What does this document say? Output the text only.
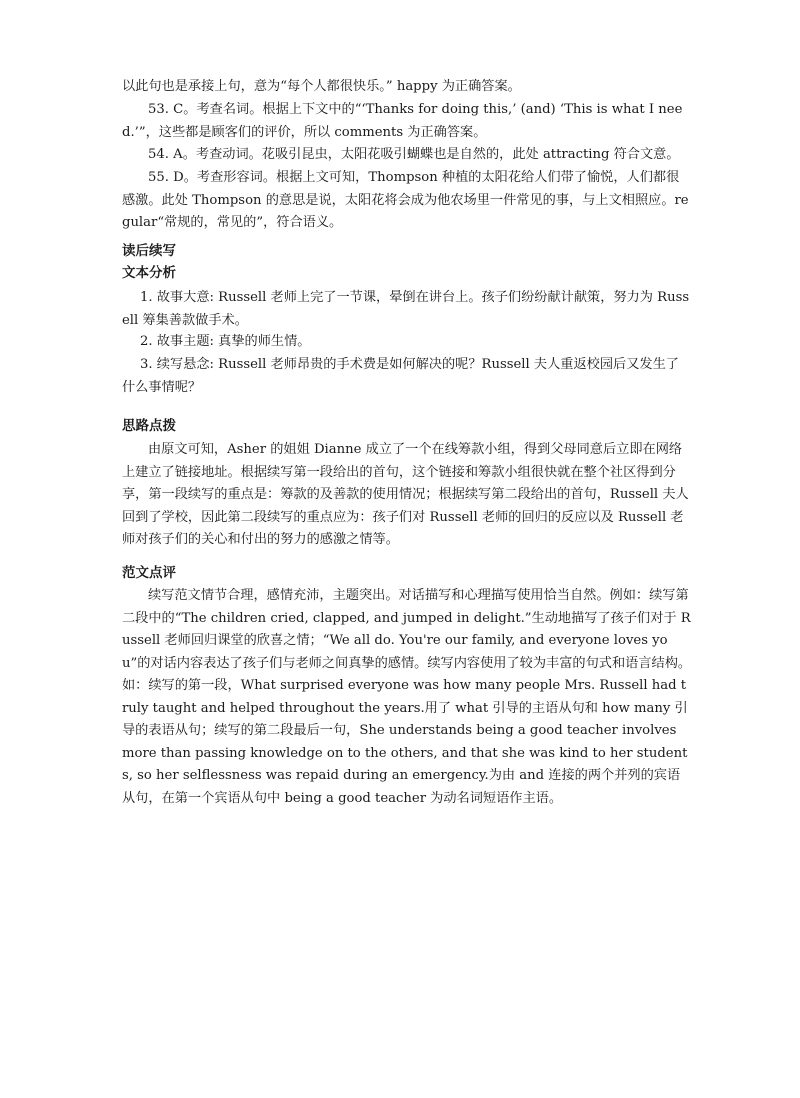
以此句也是承接上句，意为“每个人都很快乐。” happy 为正确答案。
53. C。考查名词。根据上下文中的“‘Thanks for doing this,’ (and) ‘This is what I need.’”，这些都是顾客们的评价，所以 comments 为正确答案。
54. A。考查动词。花吸引昆虫，太阳花吸引蝴蝶也是自然的，此处 attracting 符合文意。
55. D。考查形容词。根据上文可知，Thompson 种植的太阳花给人们带了愉悦，人们都很感激。此处 Thompson 的意思是说，太阳花将会成为他农场里一件常见的事，与上文相照应。regular“常规的，常见的”，符合语义。
读后续写
文本分析
1. 故事大意: Russell 老师上完了一节课，晕倒在讲台上。孩子们纷纷献计献策，努力为 Russell 筹集善款做手术。
2. 故事主题: 真挚的师生情。
3. 续写悬念: Russell 老师昂贵的手术费是如何解决的呢？Russell 夫人重返校园后又发生了什么事情呢？
思路点拨
由原文可知，Asher 的姐姐 Dianne 成立了一个在线筹款小组，得到父母同意后立即在网络上建立了链接地址。根据续写第一段给出的首句，这个链接和筹款小组很快就在整个社区得到分享，第一段续写的重点是：筹款的及善款的使用情况；根据续写第二段给出的首句，Russell 夫人回到了学校，因此第二段续写的重点应为：孩子们对 Russell 老师的回归的反应以及 Russell 老师对孩子们的关心和付出的努力的感激之情等。
范文点评
续写范文情节合理，感情充沛，主题突出。对话描写和心理描写使用恰当自然。例如：续写第二段中的“The children cried, clapped, and jumped in delight.”生动地描写了孩子们对于 Russell 老师回归课堂的欣喜之情；“We all do. You're our family, and everyone loves you”的对话内容表达了孩子们与老师之间真挚的感情。续写内容使用了较为丰富的句式和语言结构。如：续写的第一段，What surprised everyone was how many people Mrs. Russell had truly taught and helped throughout the years.用了 what 引导的主语从句和 how many 引导的表语从句；续写的第二段最后一句，She understands being a good teacher involves more than passing knowledge on to the others, and that she was kind to her students, so her selflessness was repaid during an emergency.为由 and 连接的两个并列的宾语从句，在第一个宾语从句中 being a good teacher 为动名词短语作主语。
